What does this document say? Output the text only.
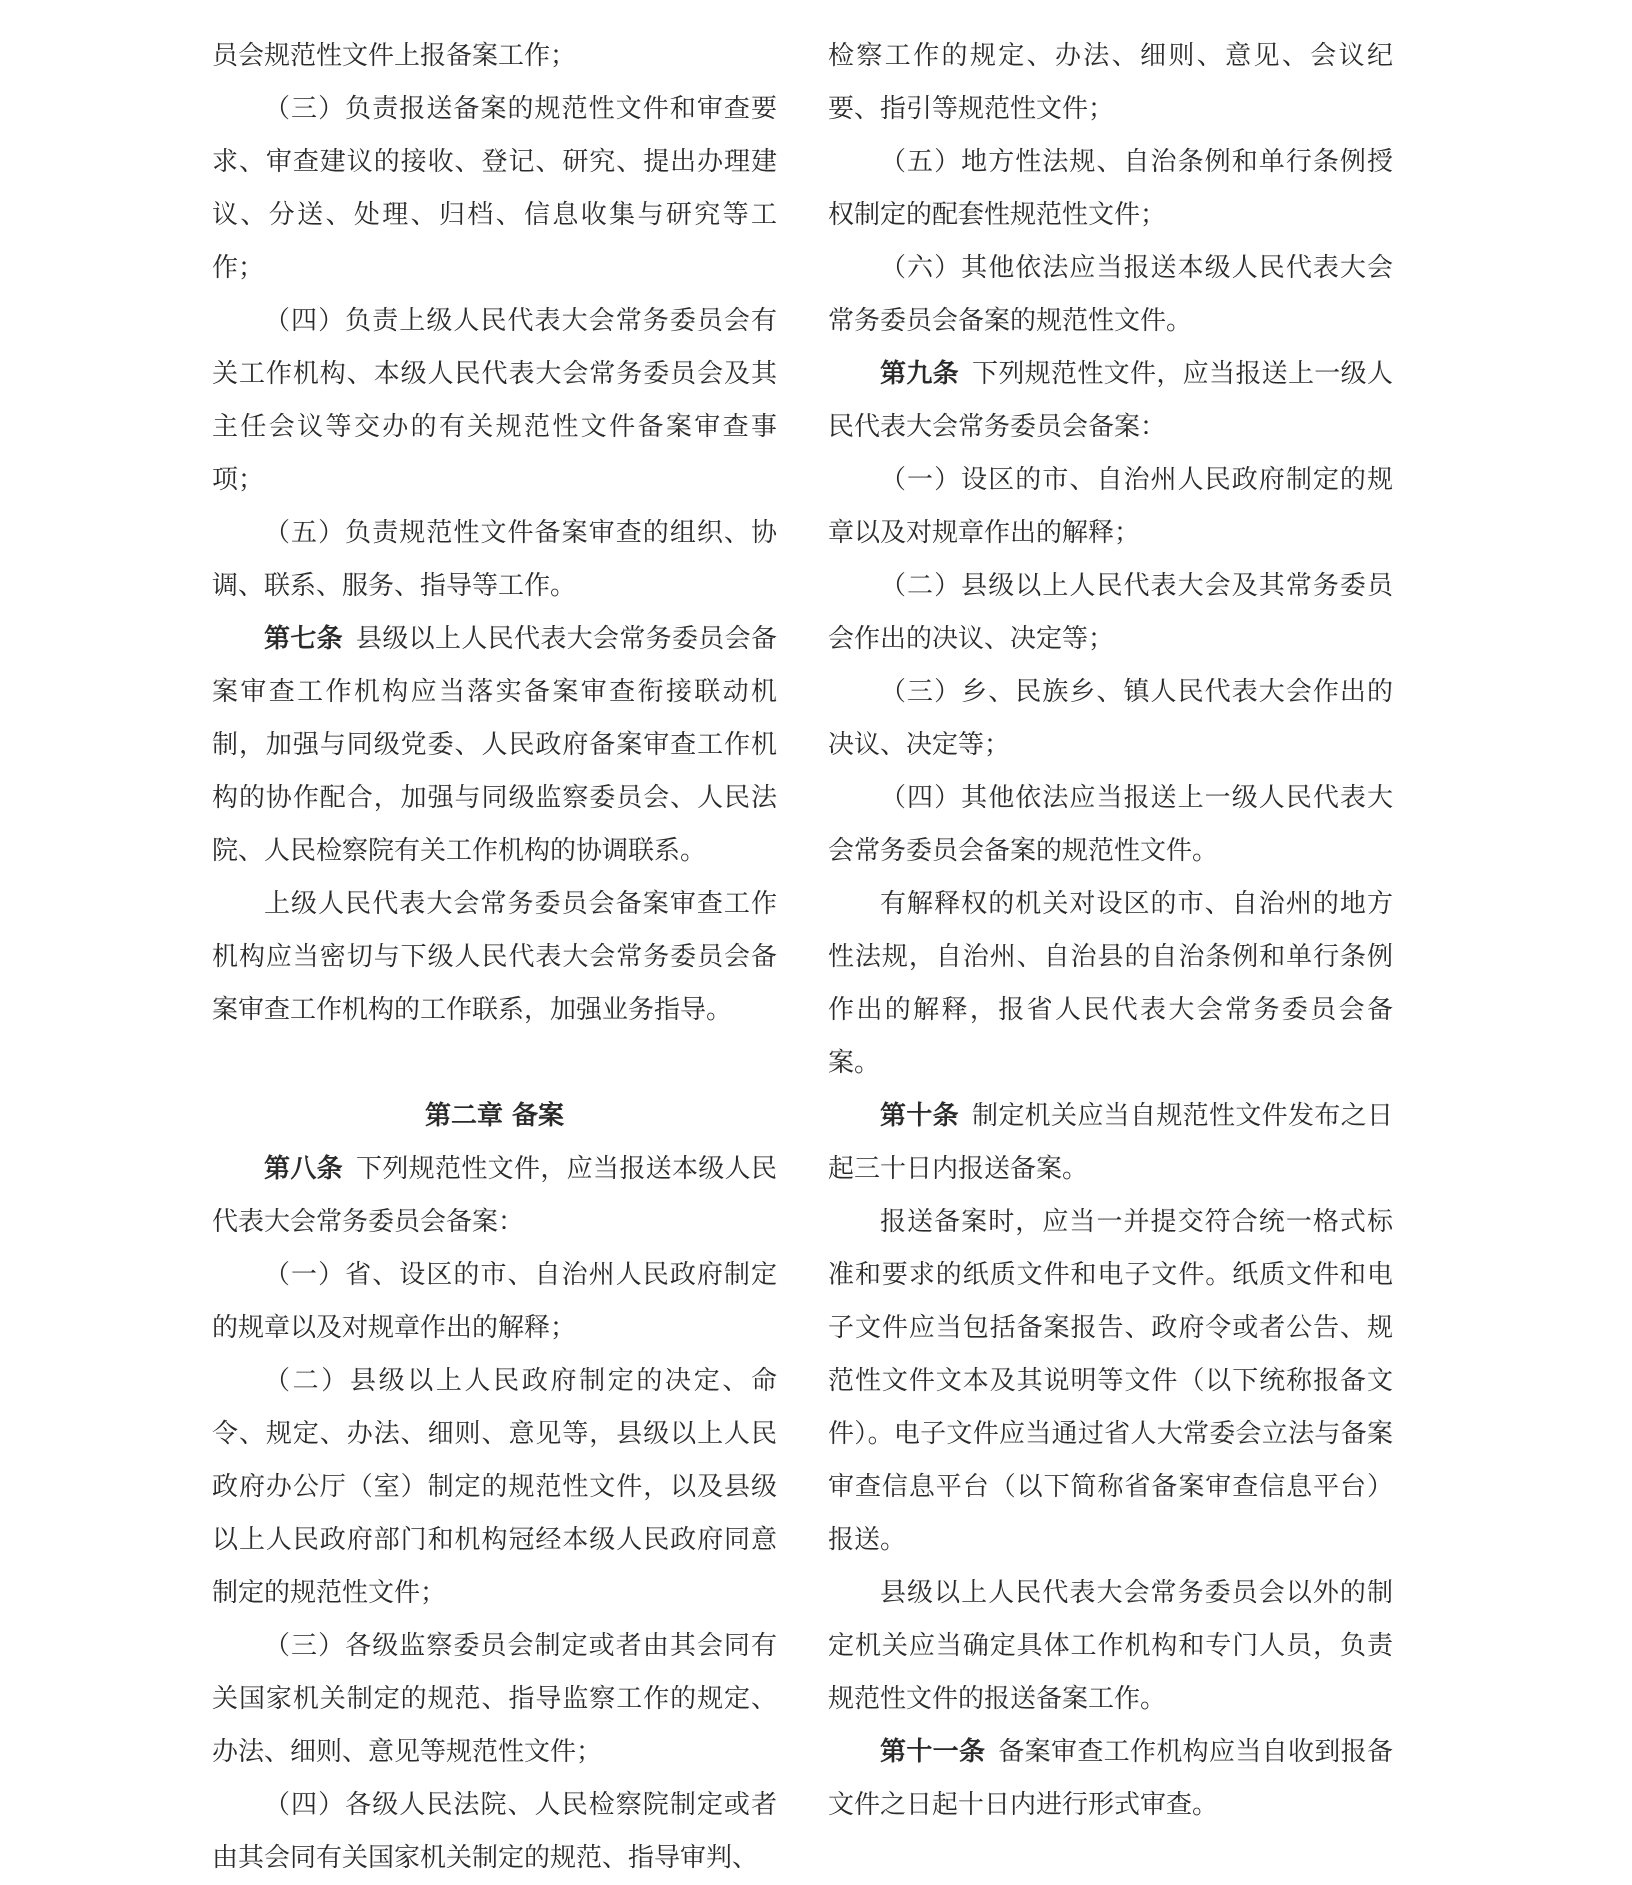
员会规范性文件上报备案工作；

（三）负责报送备案的规范性文件和审查要求、审查建议的接收、登记、研究、提出办理建议、分送、处理、归档、信息收集与研究等工作；

（四）负责上级人民代表大会常务委员会有关工作机构、本级人民代表大会常务委员会及其主任会议等交办的有关规范性文件备案审查事项；

（五）负责规范性文件备案审查的组织、协调、联系、服务、指导等工作。

第七条 县级以上人民代表大会常务委员会备案审查工作机构应当落实备案审查衔接联动机制，加强与同级党委、人民政府备案审查工作机构的协作配合，加强与同级监察委员会、人民法院、人民检察院有关工作机构的协调联系。

上级人民代表大会常务委员会备案审查工作机构应当密切与下级人民代表大会常务委员会备案审查工作机构的工作联系，加强业务指导。

第二章 备案

第八条 下列规范性文件，应当报送本级人民代表大会常务委员会备案：

（一）省、设区的市、自治州人民政府制定的规章以及对规章作出的解释；

（二）县级以上人民政府制定的决定、命令、规定、办法、细则、意见等，县级以上人民政府办公厅（室）制定的规范性文件，以及县级以上人民政府部门和机构冠经本级人民政府同意制定的规范性文件；

（三）各级监察委员会制定或者由其会同有关国家机关制定的规范、指导监察工作的规定、办法、细则、意见等规范性文件；

（四）各级人民法院、人民检察院制定或者由其会同有关国家机关制定的规范、指导审判、

检察工作的规定、办法、细则、意见、会议纪要、指引等规范性文件；

（五）地方性法规、自治条例和单行条例授权制定的配套性规范性文件；

（六）其他依法应当报送本级人民代表大会常务委员会备案的规范性文件。

第九条 下列规范性文件，应当报送上一级人民代表大会常务委员会备案：

（一）设区的市、自治州人民政府制定的规章以及对规章作出的解释；

（二）县级以上人民代表大会及其常务委员会作出的决议、决定等；

（三）乡、民族乡、镇人民代表大会作出的决议、决定等；

（四）其他依法应当报送上一级人民代表大会常务委员会备案的规范性文件。

有解释权的机关对设区的市、自治州的地方性法规，自治州、自治县的自治条例和单行条例作出的解释，报省人民代表大会常务委员会备案。

第十条 制定机关应当自规范性文件发布之日起三十日内报送备案。

报送备案时，应当一并提交符合统一格式标准和要求的纸质文件和电子文件。纸质文件和电子文件应当包括备案报告、政府令或者公告、规范性文件文本及其说明等文件（以下统称报备文件）。电子文件应当通过省人大常委会立法与备案审查信息平台（以下简称省备案审查信息平台）报送。

县级以上人民代表大会常务委员会以外的制定机关应当确定具体工作机构和专门人员，负责规范性文件的报送备案工作。

第十一条 备案审查工作机构应当自收到报备文件之日起十日内进行形式审查。
